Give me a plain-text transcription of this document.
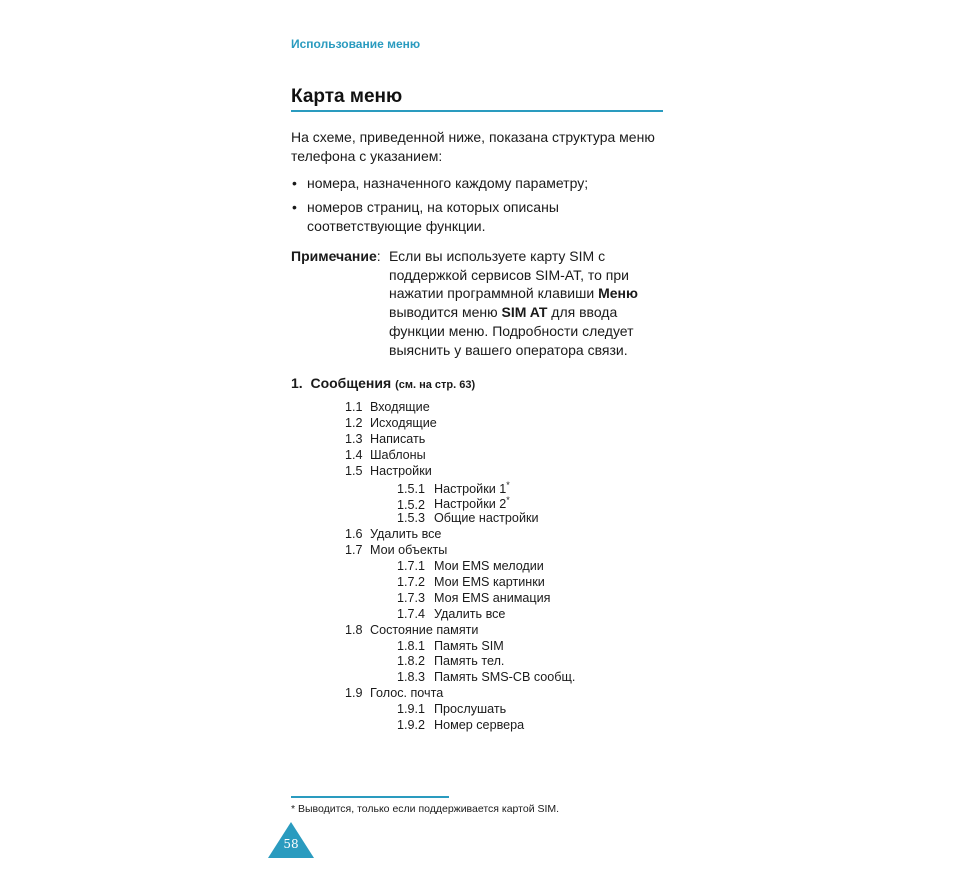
Использование меню
Карта меню
На схеме, приведенной ниже, показана структура меню телефона с указанием:
• номера, назначенного каждому параметру;
• номеров страниц, на которых описаны соответствующие функции.
Примечание: Если вы используете карту SIM с поддержкой сервисов SIM-AT, то при нажатии программной клавиши Меню выводится меню SIM AT для ввода функции меню. Подробности следует выяснить у вашего оператора связи.
1. Сообщения (см. на стр. 63)
1.1 Входящие
1.2 Исходящие
1.3 Написать
1.4 Шаблоны
1.5 Настройки
1.5.1 Настройки 1*
1.5.2 Настройки 2*
1.5.3 Общие настройки
1.6 Удалить все
1.7 Мои объекты
1.7.1 Мои EMS мелодии
1.7.2 Мои EMS картинки
1.7.3 Моя EMS анимация
1.7.4 Удалить все
1.8 Состояние памяти
1.8.1 Память SIM
1.8.2 Память тел.
1.8.3 Память SMS-CB сообщ.
1.9 Голос. почта
1.9.1 Прослушать
1.9.2 Номер сервера
* Выводится, только если поддерживается картой SIM.
58
